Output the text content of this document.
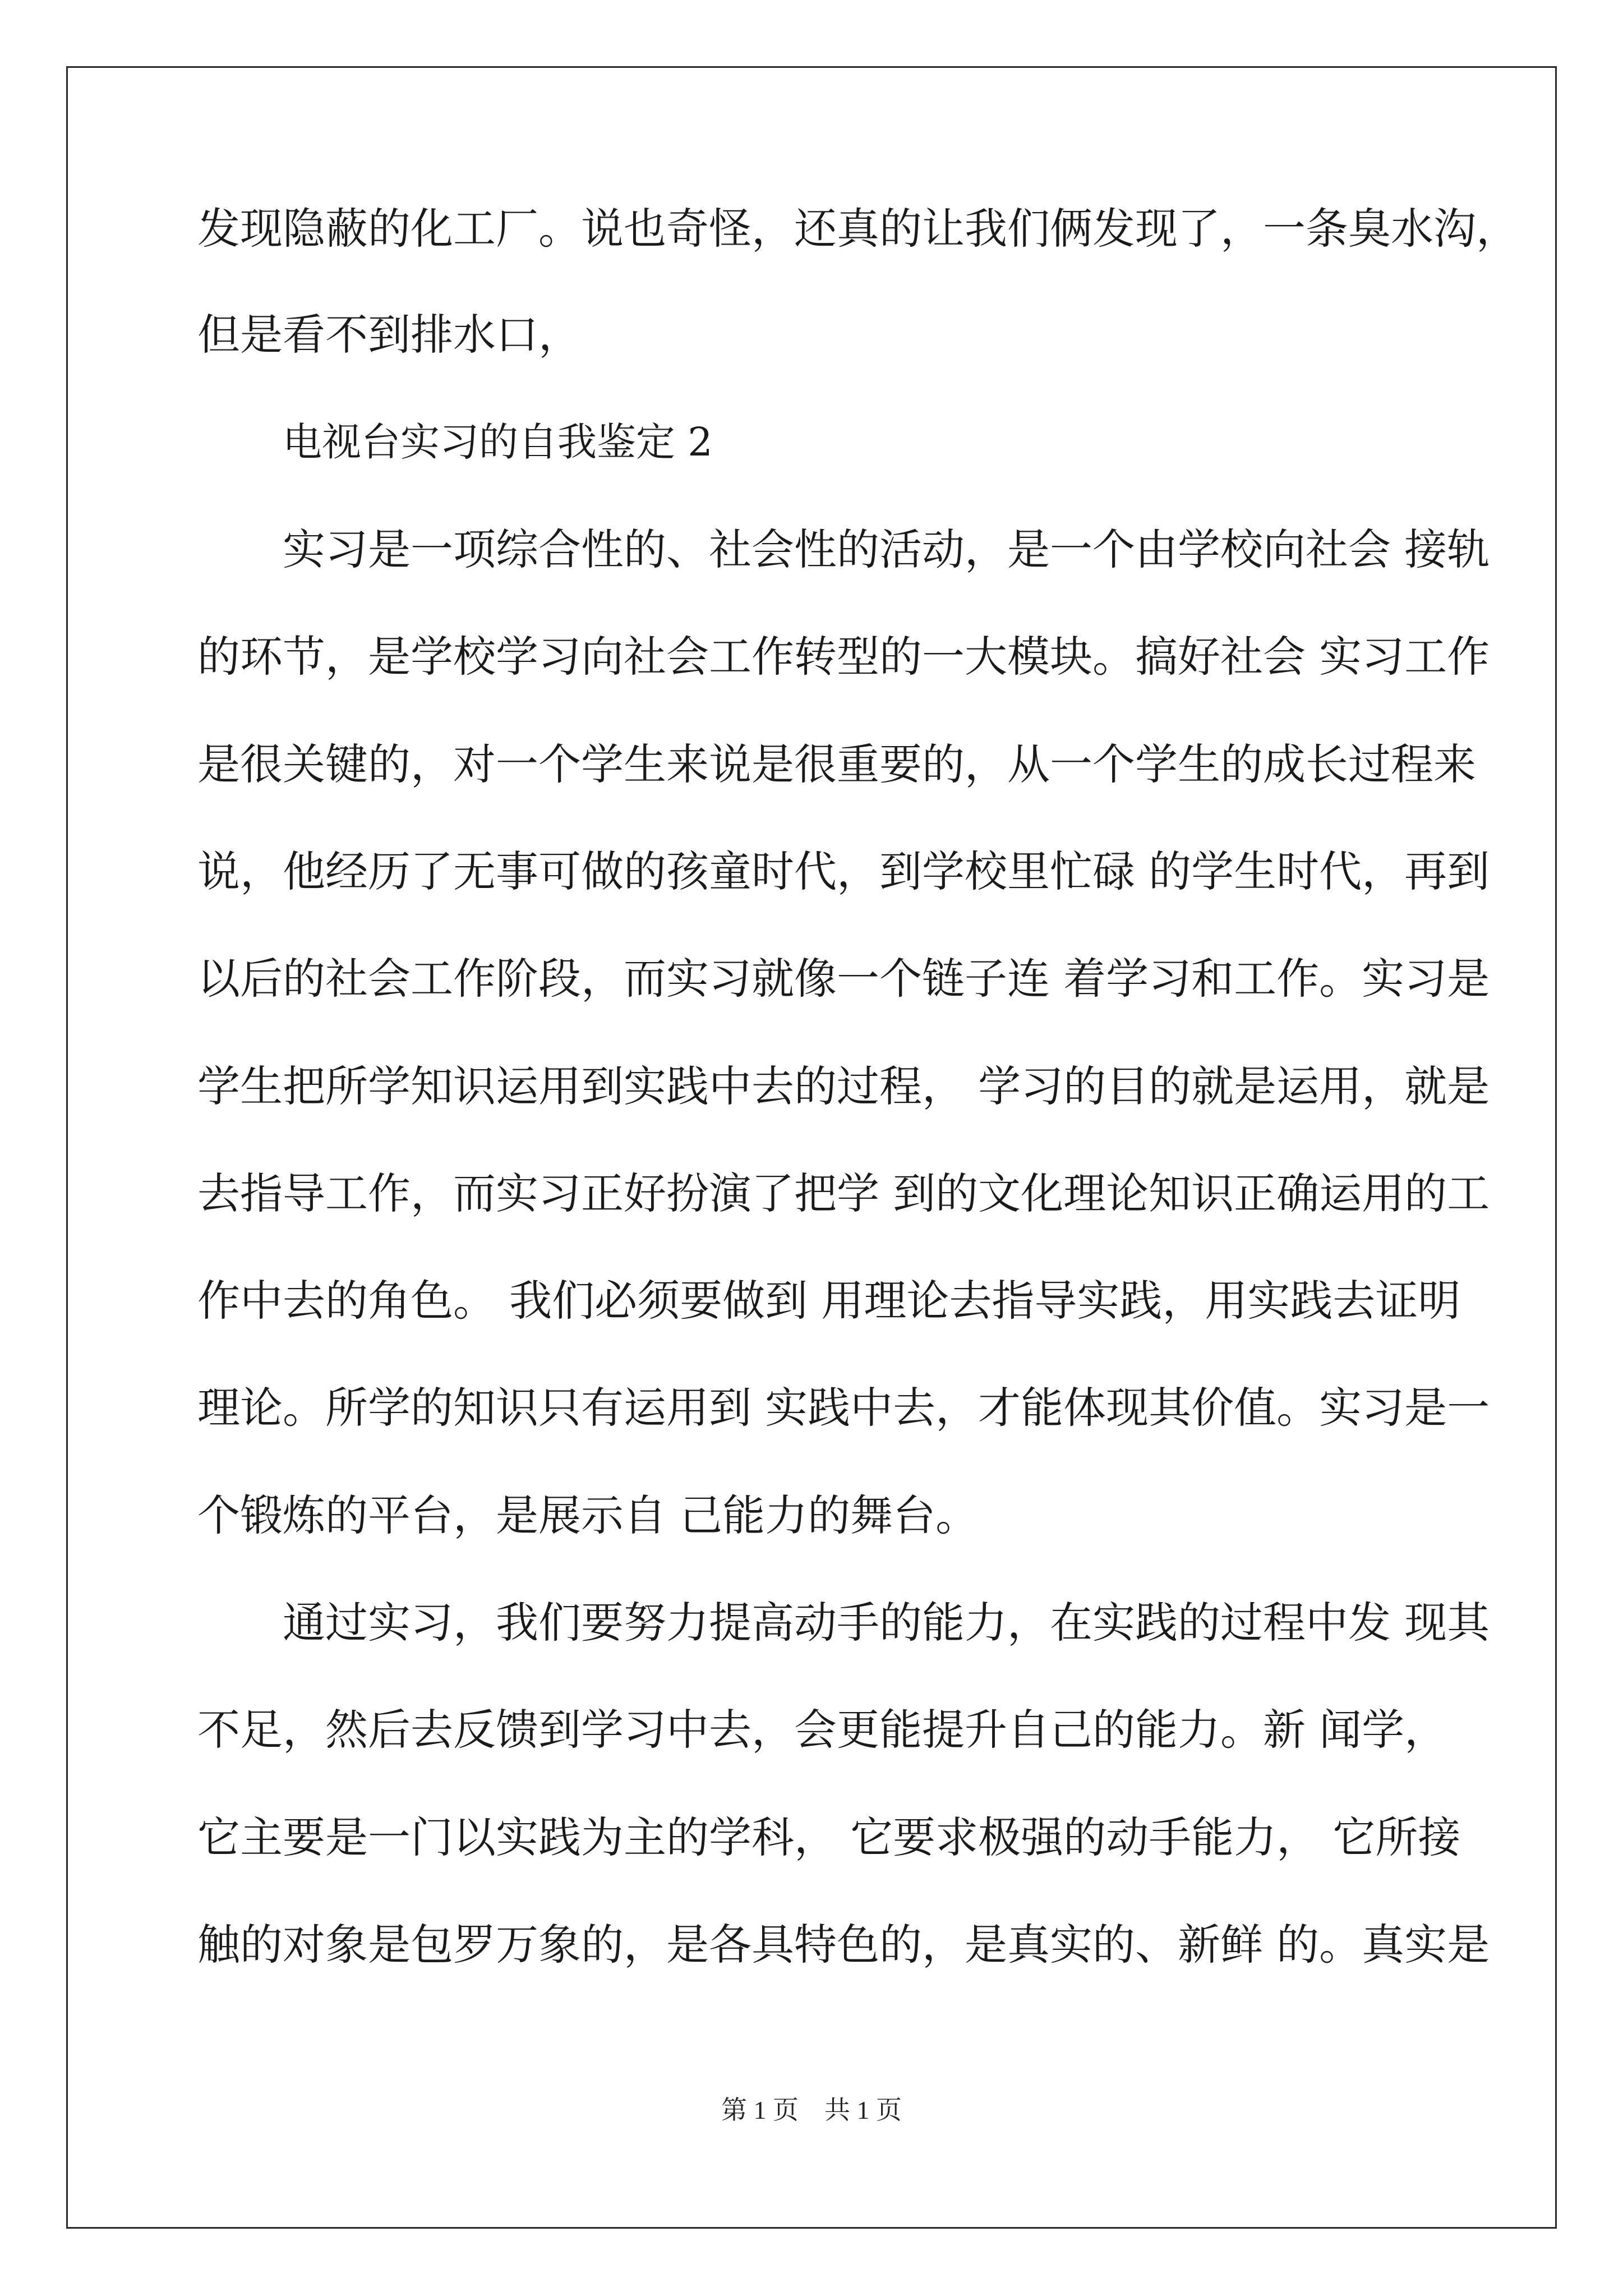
发现隐蔽的化工厂。说也奇怪，还真的让我们俩发现了，一条臭水沟，

但是看不到排水口，

电视台实习的自我鉴定 2

实习是一项综合性的、社会性的活动，是一个由学校向社会 接轨

的环节，是学校学习向社会工作转型的一大模块。搞好社会 实习工作

是很关键的，对一个学生来说是很重要的，从一个学生的成长过程来

说，他经历了无事可做的孩童时代，到学校里忙碌 的学生时代，再到

以后的社会工作阶段，而实习就像一个链子连 着学习和工作。实习是

学生把所学知识运用到实践中去的过程， 学习的目的就是运用，就是

去指导工作，而实习正好扮演了把学 到的文化理论知识正确运用的工

作中去的角色。 我们必须要做到 用理论去指导实践，用实践去证明

理论。所学的知识只有运用到 实践中去，才能体现其价值。实习是一

个锻炼的平台，是展示自 己能力的舞台。

通过实习，我们要努力提高动手的能力，在实践的过程中发 现其

不足，然后去反馈到学习中去，会更能提升自己的能力。新 闻学，

它主要是一门以实践为主的学科， 它要求极强的动手能力， 它所接

触的对象是包罗万象的，是各具特色的，是真实的、新鲜 的。真实是

第 1 页　共 1 页
